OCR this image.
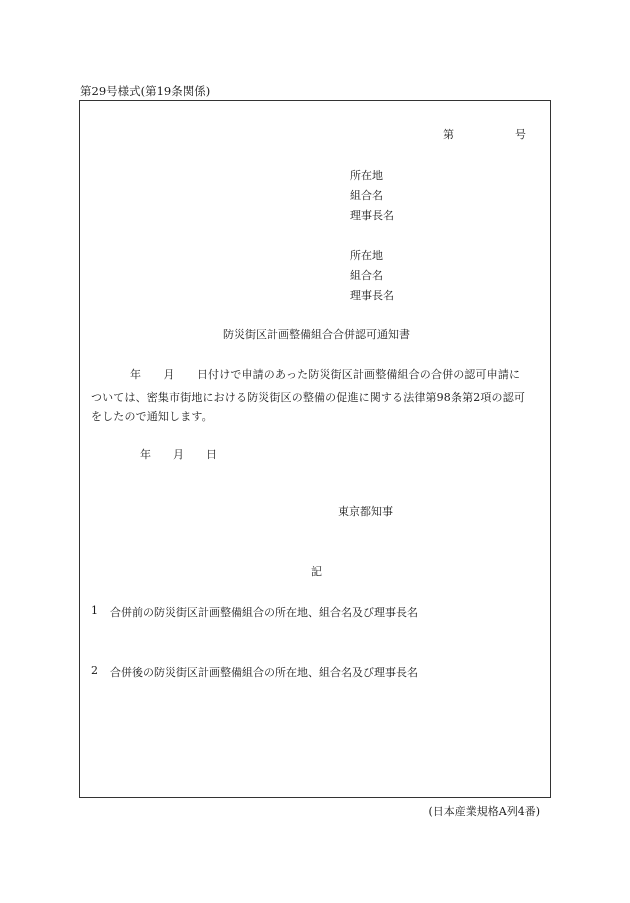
第29号様式(第19条関係)
第	号
所在地
組合名
理事長名
所在地
組合名
理事長名
防災街区計画整備組合合併認可通知書
年　　月　　日付けで申請のあった防災街区計画整備組合の合併の認可申請に
ついては、密集市街地における防災街区の整備の促進に関する法律第98条第2項の認可
をしたので通知します。
年　　月　　日
東京都知事
記
1 合併前の防災街区計画整備組合の所在地、組合名及び理事長名
2 合併後の防災街区計画整備組合の所在地、組合名及び理事長名
(日本産業規格A列4番)
